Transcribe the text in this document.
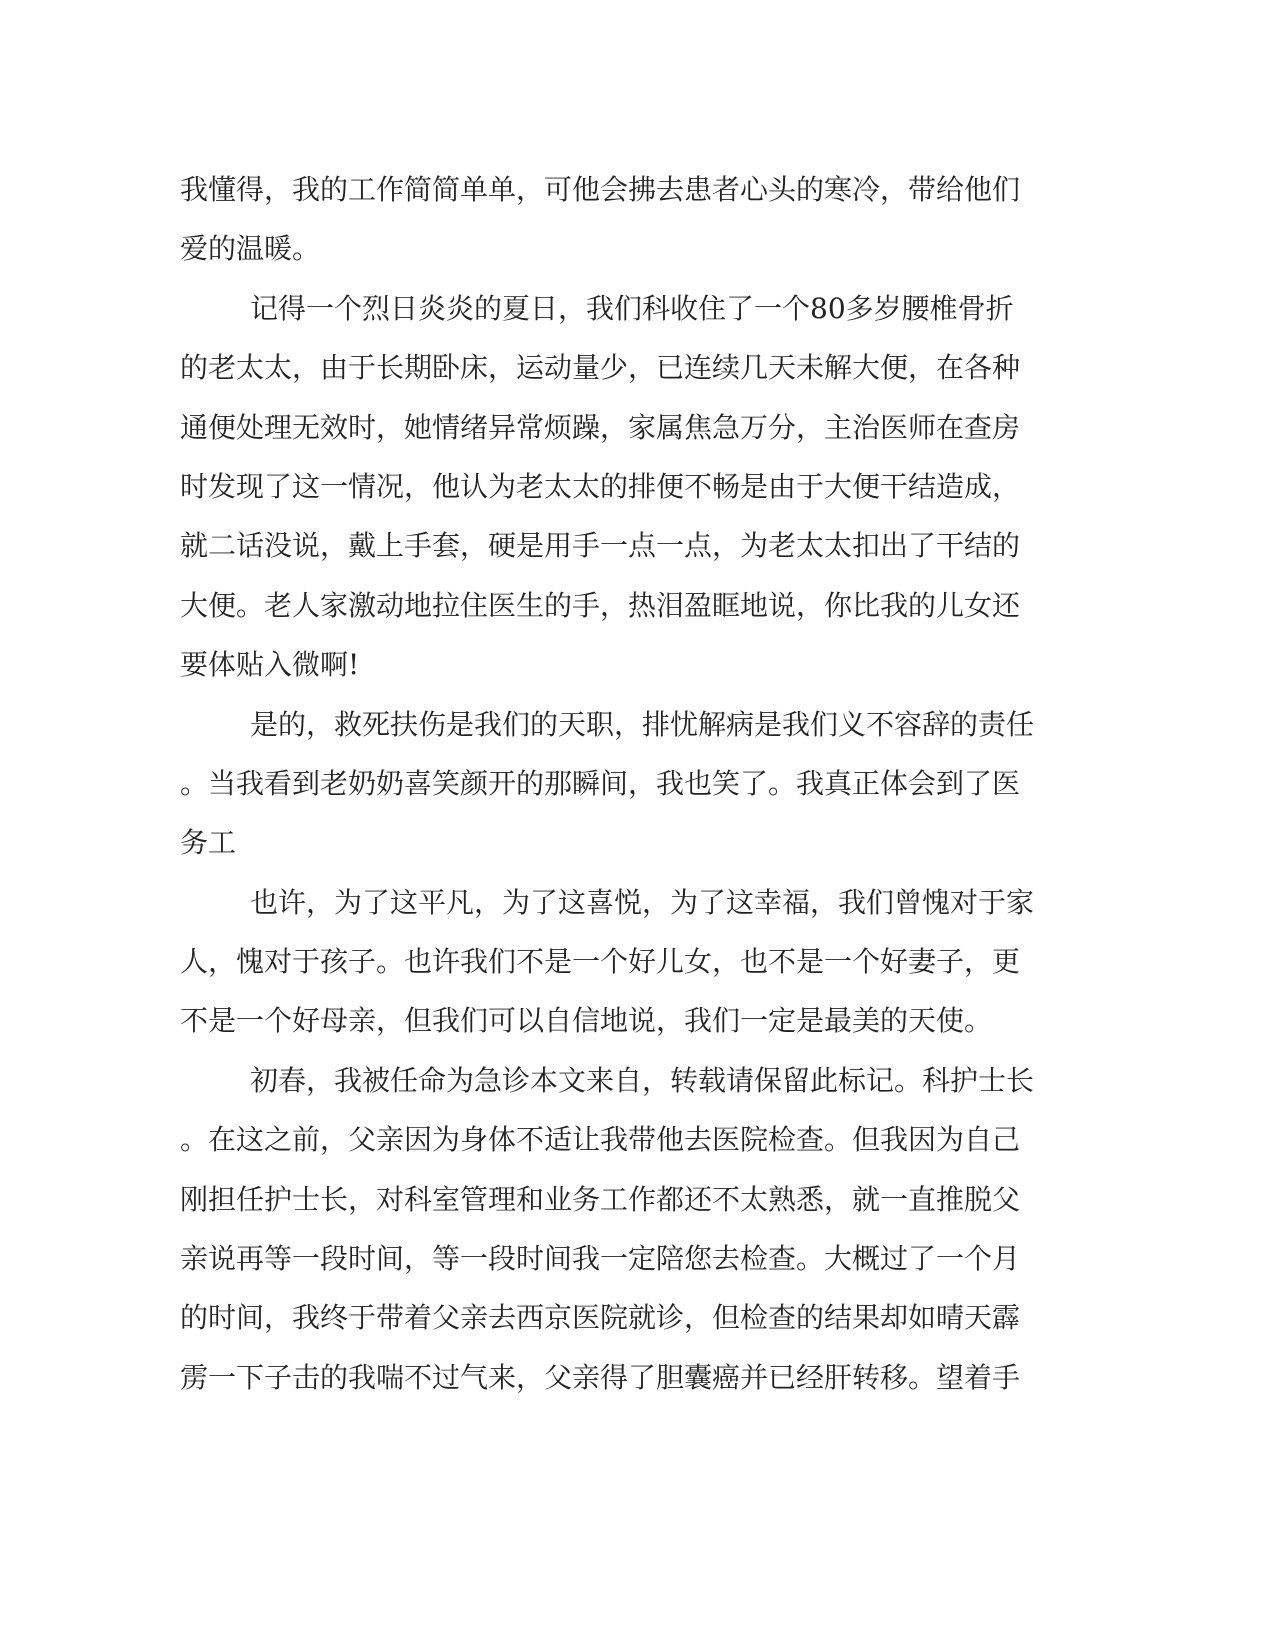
我懂得，我的工作简简单单，可他会拂去患者心头的寒冷，带给他们
爱的温暖。
记得一个烈日炎炎的夏日，我们科收住了一个80多岁腰椎骨折
的老太太，由于长期卧床，运动量少，已连续几天未解大便，在各种
通便处理无效时，她情绪异常烦躁，家属焦急万分，主治医师在查房
时发现了这一情况，他认为老太太的排便不畅是由于大便干结造成，
就二话没说，戴上手套，硬是用手一点一点，为老太太扣出了干结的
大便。老人家激动地拉住医生的手，热泪盈眶地说，你比我的儿女还
要体贴入微啊!
是的，救死扶伤是我们的天职，排忧解病是我们义不容辞的责任
。当我看到老奶奶喜笑颜开的那瞬间，我也笑了。我真正体会到了医
务工
也许，为了这平凡，为了这喜悦，为了这幸福，我们曾愧对于家
人，愧对于孩子。也许我们不是一个好儿女，也不是一个好妻子，更
不是一个好母亲，但我们可以自信地说，我们一定是最美的天使。
初春，我被任命为急诊本文来自，转载请保留此标记。科护士长
。在这之前，父亲因为身体不适让我带他去医院检查。但我因为自己
刚担任护士长，对科室管理和业务工作都还不太熟悉，就一直推脱父
亲说再等一段时间，等一段时间我一定陪您去检查。大概过了一个月
的时间，我终于带着父亲去西京医院就诊，但检查的结果却如晴天霹
雳一下子击的我喘不过气来，父亲得了胆囊癌并已经肝转移。望着手
